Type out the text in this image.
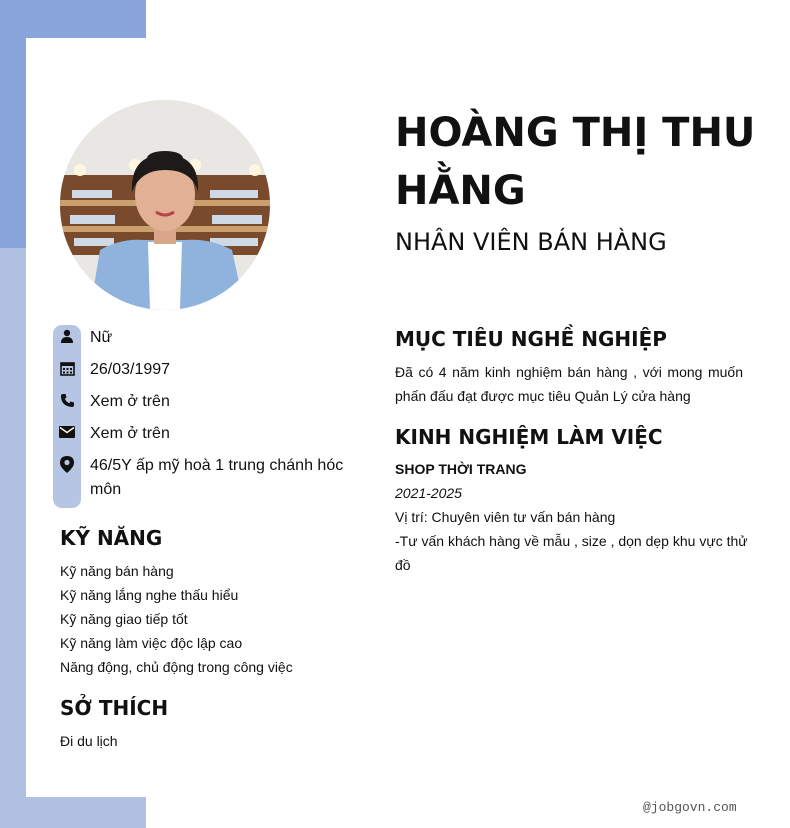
Nữ
26/03/1997
Xem ở trên
Xem ở trên
46/5Y ấp mỹ hoà 1 trung chánh hóc môn
KỸ NĂNG
Kỹ năng bán hàng
Kỹ năng lắng nghe thấu hiểu
Kỹ năng giao tiếp tốt
Kỹ năng làm việc độc lập cao
Năng động, chủ động trong công việc
SỞ THÍCH
Đi du lịch
HOÀNG THỊ THU HẰNG
NHÂN VIÊN BÁN HÀNG
MỤC TIÊU NGHỀ NGHIỆP
Đã có 4 năm kinh nghiệm bán hàng , với mong muốn phấn đấu đạt được mục tiêu Quản Lý cửa hàng
KINH NGHIỆM LÀM VIỆC
SHOP THỜI TRANG
2021-2025
Vị trí: Chuyên viên tư vấn bán hàng
-Tư vấn khách hàng về mẫu , size , dọn dẹp khu vực thử đồ
@jobgovn.com
